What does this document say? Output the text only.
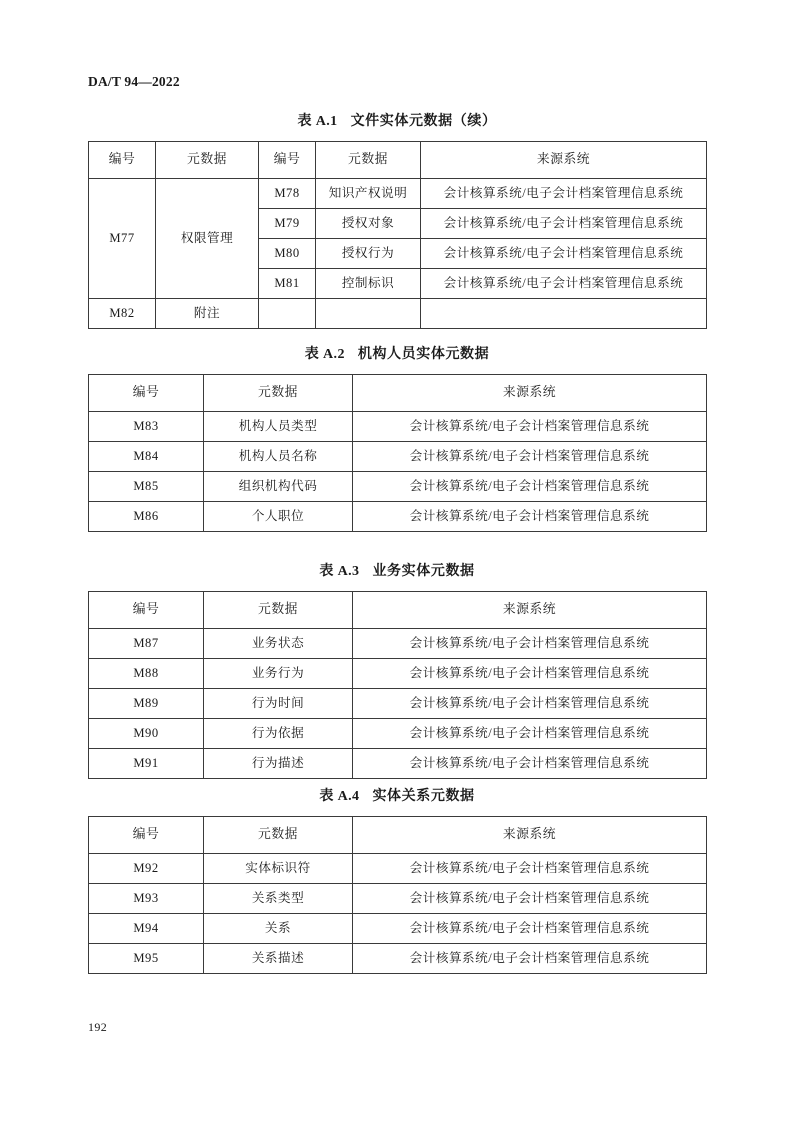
DA/T 94—2022
表 A.1 文件实体元数据（续）
编号	元数据	编号	元数据	来源系统
M77	权限管理	M78	知识产权说明	会计核算系统/电子会计档案管理信息系统
		M79	授权对象	会计核算系统/电子会计档案管理信息系统
		M80	授权行为	会计核算系统/电子会计档案管理信息系统
		M81	控制标识	会计核算系统/电子会计档案管理信息系统
M82	附注			
表 A.2 机构人员实体元数据
编号	元数据	来源系统
M83	机构人员类型	会计核算系统/电子会计档案管理信息系统
M84	机构人员名称	会计核算系统/电子会计档案管理信息系统
M85	组织机构代码	会计核算系统/电子会计档案管理信息系统
M86	个人职位	会计核算系统/电子会计档案管理信息系统
表 A.3 业务实体元数据
编号	元数据	来源系统
M87	业务状态	会计核算系统/电子会计档案管理信息系统
M88	业务行为	会计核算系统/电子会计档案管理信息系统
M89	行为时间	会计核算系统/电子会计档案管理信息系统
M90	行为依据	会计核算系统/电子会计档案管理信息系统
M91	行为描述	会计核算系统/电子会计档案管理信息系统
表 A.4 实体关系元数据
编号	元数据	来源系统
M92	实体标识符	会计核算系统/电子会计档案管理信息系统
M93	关系类型	会计核算系统/电子会计档案管理信息系统
M94	关系	会计核算系统/电子会计档案管理信息系统
M95	关系描述	会计核算系统/电子会计档案管理信息系统
192
